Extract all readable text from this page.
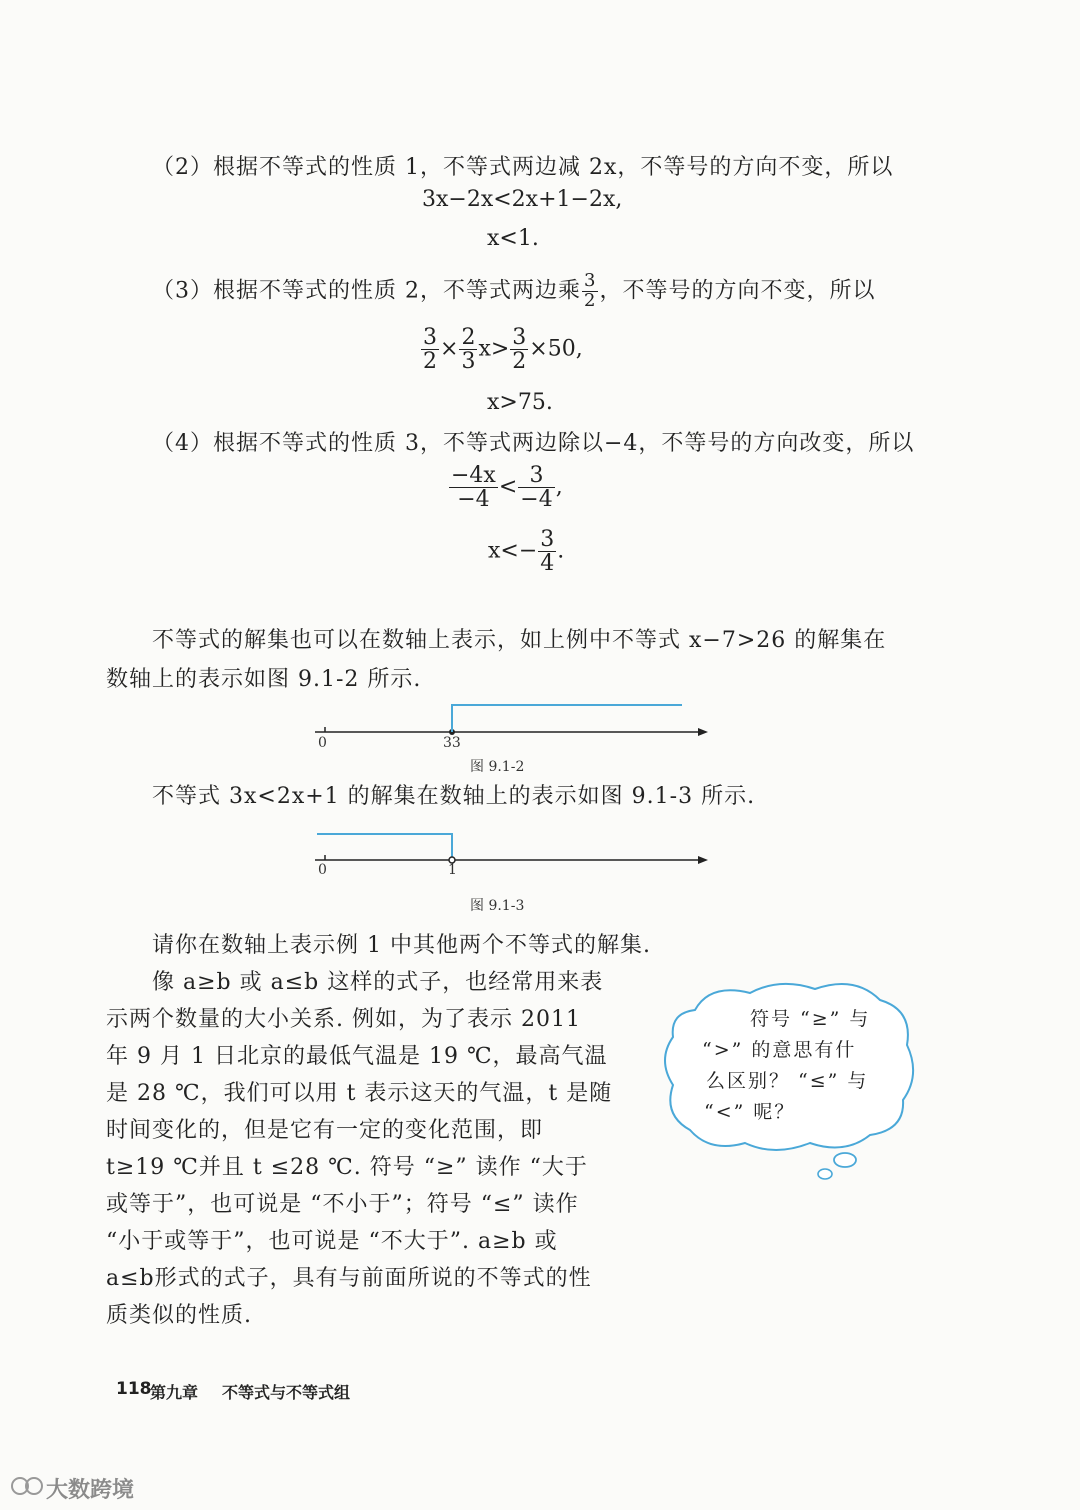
（2）根据不等式的性质 1，不等式两边减 2x，不等号的方向不变，所以
3x−2x<2x+1−2x,
x<1.
（3）根据不等式的性质 2，不等式两边乘 $\frac{3}{2}$ ，不等号的方向不变，所以
$\frac{3}{2} \times \frac{2}{3} x> \frac{3}{2} \times 50$,
x>75.
（4）根据不等式的性质 3，不等式两边除以−4，不等号的方向改变，所以
$\frac{-4x}{-4} < \frac{3}{-4}$ ,
$x<- \frac{3}{4}$ .
不等式的解集也可以在数轴上表示，如上例中不等式 x−7>26 的解集在
数轴上的表示如图 9.1-2 所示.
0	33
图 9.1-2
不等式 3x<2x+1 的解集在数轴上的表示如图 9.1-3 所示.
0	1
图 9.1-3
请你在数轴上表示例 1 中其他两个不等式的解集.
像 a≥b 或 a≤b 这样的式子，也经常用来表
示两个数量的大小关系. 例如，为了表示 2011
年 9 月 1 日北京的最低气温是 19 ℃，最高气温
是 28 ℃，我们可以用 t 表示这天的气温，t 是随
时间变化的，但是它有一定的变化范围，即
t≥19 ℃并且 t ≤28 ℃. 符号 “≥” 读作 “大于
或等于”，也可说是 “不小于”；符号 “≤” 读作
“小于或等于”，也可说是 “不大于”. a≥b 或
a≤b形式的式子，具有与前面所说的不等式的性
质类似的性质.
符号 “≥” 与
“>” 的意思有什
么区别？ “≤” 与
“<” 呢？
118
第九章 不等式与不等式组
大数跨境
